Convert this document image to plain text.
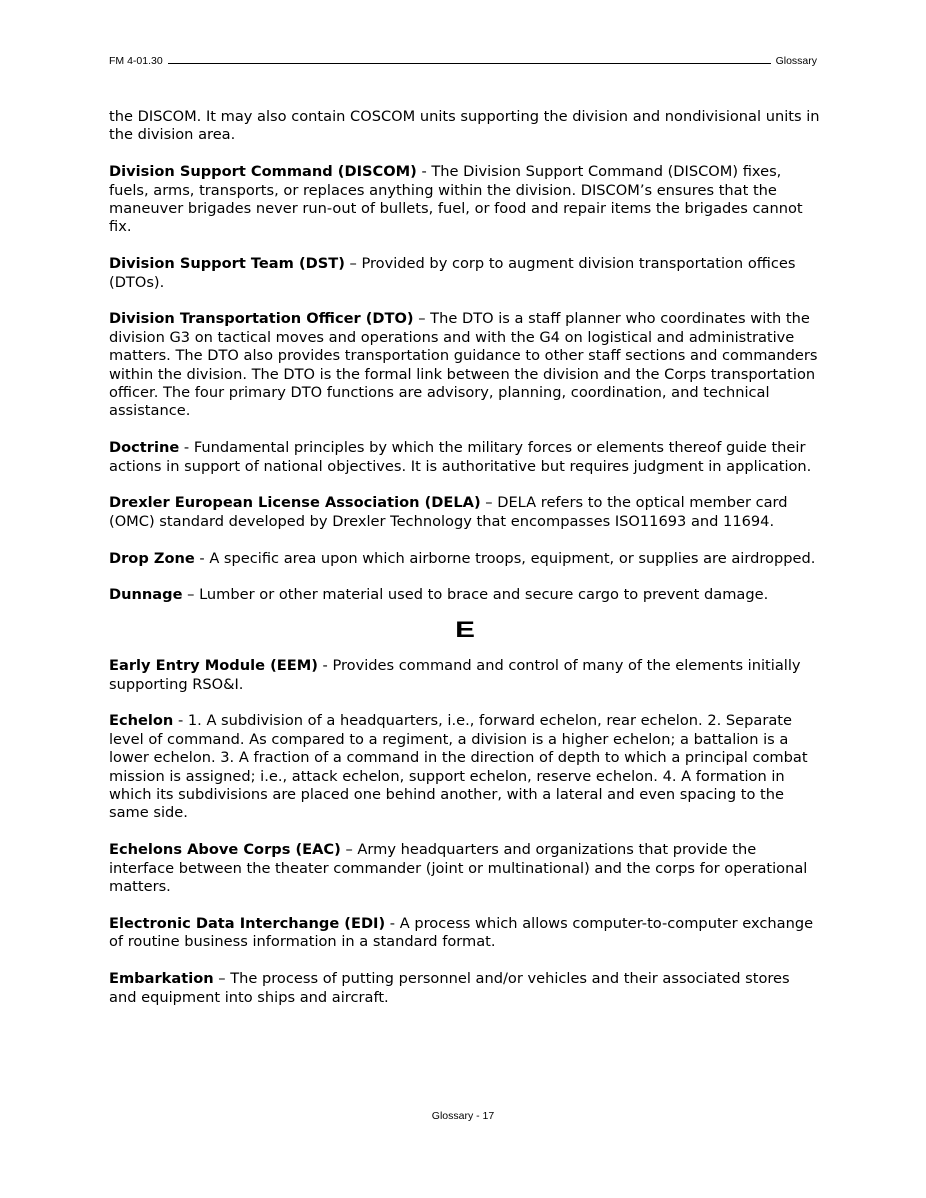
FM 4-01.30	Glossary

the DISCOM. It may also contain COSCOM units supporting the division and nondivisional units in the division area.

Division Support Command (DISCOM) - The Division Support Command (DISCOM) fixes, fuels, arms, transports, or replaces anything within the division. DISCOM’s ensures that the maneuver brigades never run-out of bullets, fuel, or food and repair items the brigades cannot fix.

Division Support Team (DST) – Provided by corp to augment division transportation offices (DTOs).

Division Transportation Officer (DTO) – The DTO is a staff planner who coordinates with the division G3 on tactical moves and operations and with the G4 on logistical and administrative matters. The DTO also provides transportation guidance to other staff sections and commanders within the division. The DTO is the formal link between the division and the Corps transportation officer. The four primary DTO functions are advisory, planning, coordination, and technical assistance.

Doctrine - Fundamental principles by which the military forces or elements thereof guide their actions in support of national objectives. It is authoritative but requires judgment in application.

Drexler European License Association (DELA) – DELA refers to the optical member card (OMC) standard developed by Drexler Technology that encompasses ISO11693 and 11694.

Drop Zone - A specific area upon which airborne troops, equipment, or supplies are airdropped.

Dunnage – Lumber or other material used to brace and secure cargo to prevent damage.

E

Early Entry Module (EEM) - Provides command and control of many of the elements initially supporting RSO&I.

Echelon - 1. A subdivision of a headquarters, i.e., forward echelon, rear echelon. 2. Separate level of command. As compared to a regiment, a division is a higher echelon; a battalion is a lower echelon. 3. A fraction of a command in the direction of depth to which a principal combat mission is assigned; i.e., attack echelon, support echelon, reserve echelon. 4. A formation in which its subdivisions are placed one behind another, with a lateral and even spacing to the same side.

Echelons Above Corps (EAC) – Army headquarters and organizations that provide the interface between the theater commander (joint or multinational) and the corps for operational matters.

Electronic Data Interchange (EDI) - A process which allows computer-to-computer exchange of routine business information in a standard format.

Embarkation – The process of putting personnel and/or vehicles and their associated stores and equipment into ships and aircraft.

Glossary - 17
